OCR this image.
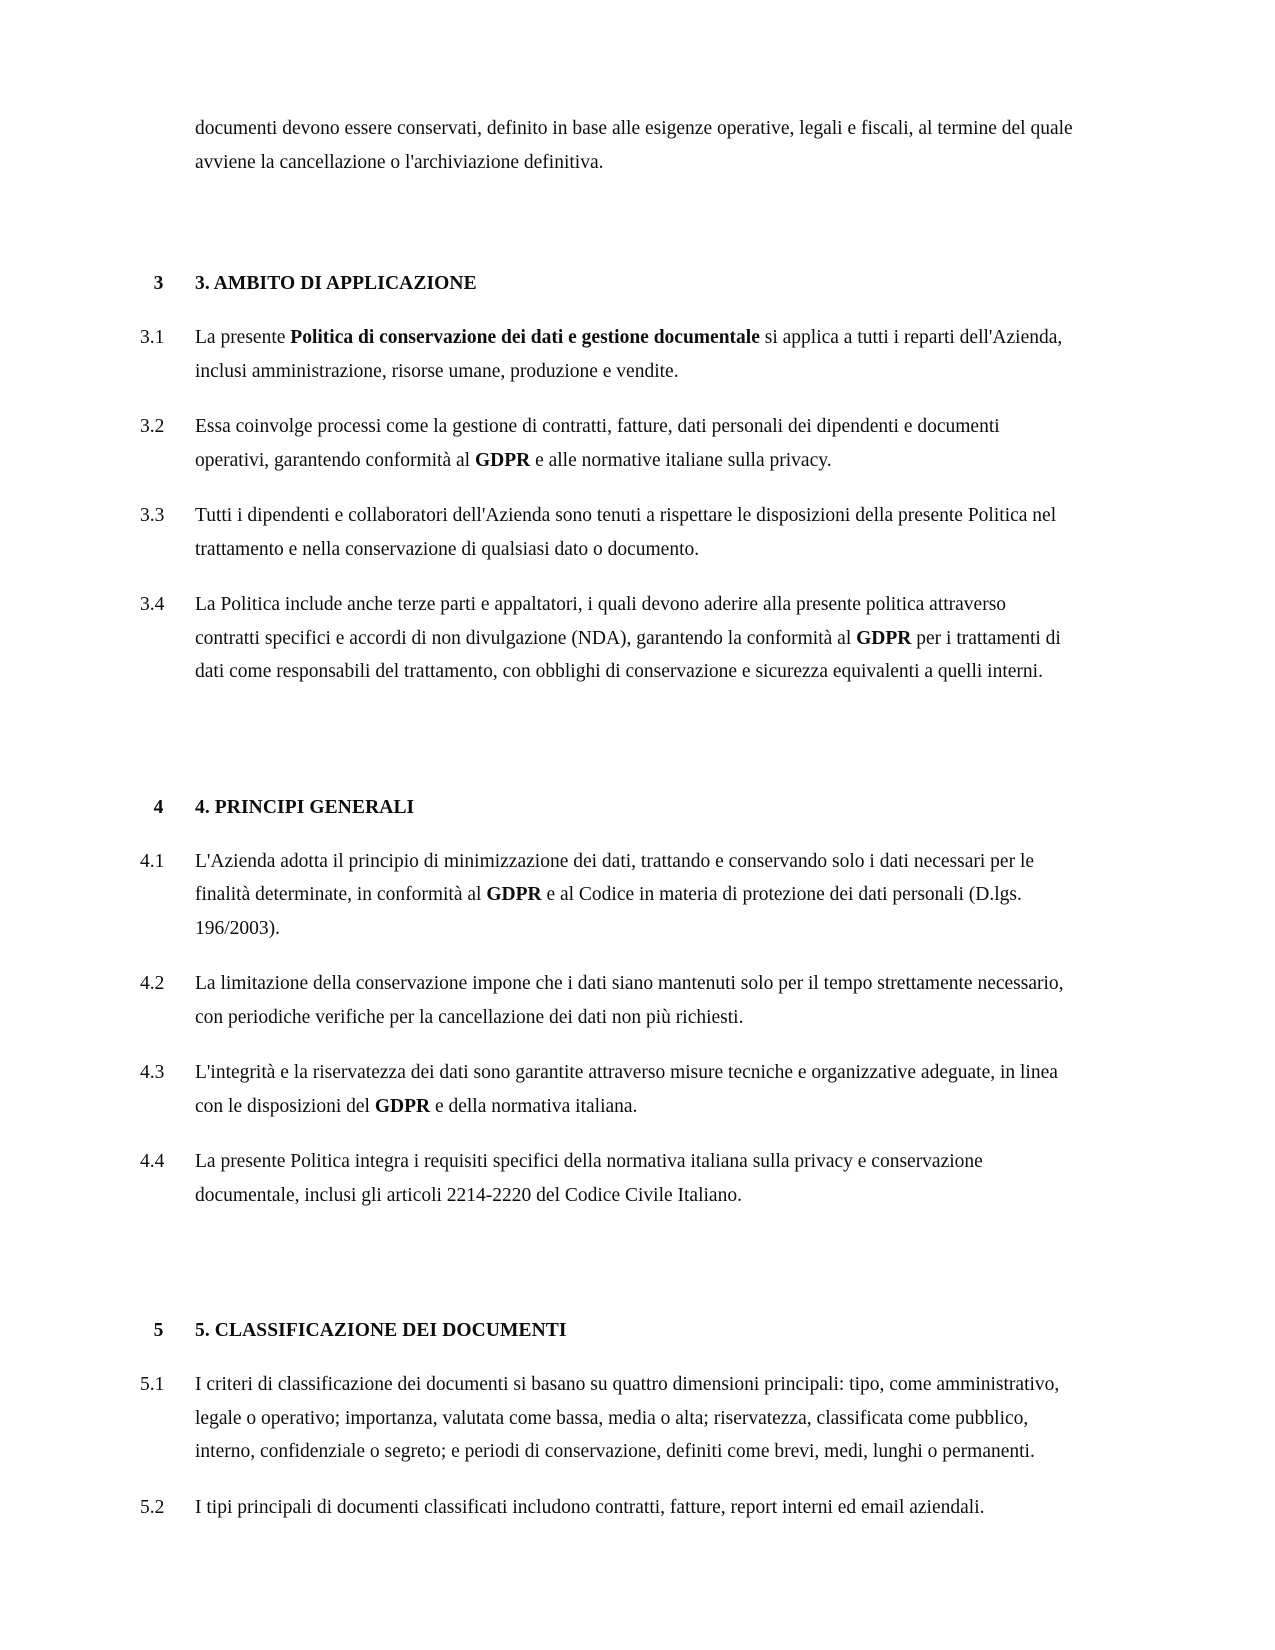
documenti devono essere conservati, definito in base alle esigenze operative, legali e fiscali, al termine del quale avviene la cancellazione o l'archiviazione definitiva.
3	3. AMBITO DI APPLICAZIONE
3.1	La presente Politica di conservazione dei dati e gestione documentale si applica a tutti i reparti dell'Azienda, inclusi amministrazione, risorse umane, produzione e vendite.
3.2	Essa coinvolge processi come la gestione di contratti, fatture, dati personali dei dipendenti e documenti operativi, garantendo conformità al GDPR e alle normative italiane sulla privacy.
3.3	Tutti i dipendenti e collaboratori dell'Azienda sono tenuti a rispettare le disposizioni della presente Politica nel trattamento e nella conservazione di qualsiasi dato o documento.
3.4	La Politica include anche terze parti e appaltatori, i quali devono aderire alla presente politica attraverso contratti specifici e accordi di non divulgazione (NDA), garantendo la conformità al GDPR per i trattamenti di dati come responsabili del trattamento, con obblighi di conservazione e sicurezza equivalenti a quelli interni.
4	4. PRINCIPI GENERALI
4.1	L'Azienda adotta il principio di minimizzazione dei dati, trattando e conservando solo i dati necessari per le finalità determinate, in conformità al GDPR e al Codice in materia di protezione dei dati personali (D.lgs. 196/2003).
4.2	La limitazione della conservazione impone che i dati siano mantenuti solo per il tempo strettamente necessario, con periodiche verifiche per la cancellazione dei dati non più richiesti.
4.3	L'integrità e la riservatezza dei dati sono garantite attraverso misure tecniche e organizzative adeguate, in linea con le disposizioni del GDPR e della normativa italiana.
4.4	La presente Politica integra i requisiti specifici della normativa italiana sulla privacy e conservazione documentale, inclusi gli articoli 2214-2220 del Codice Civile Italiano.
5	5. CLASSIFICAZIONE DEI DOCUMENTI
5.1	I criteri di classificazione dei documenti si basano su quattro dimensioni principali: tipo, come amministrativo, legale o operativo; importanza, valutata come bassa, media o alta; riservatezza, classificata come pubblico, interno, confidenziale o segreto; e periodi di conservazione, definiti come brevi, medi, lunghi o permanenti.
5.2	I tipi principali di documenti classificati includono contratti, fatture, report interni ed email aziendali.
